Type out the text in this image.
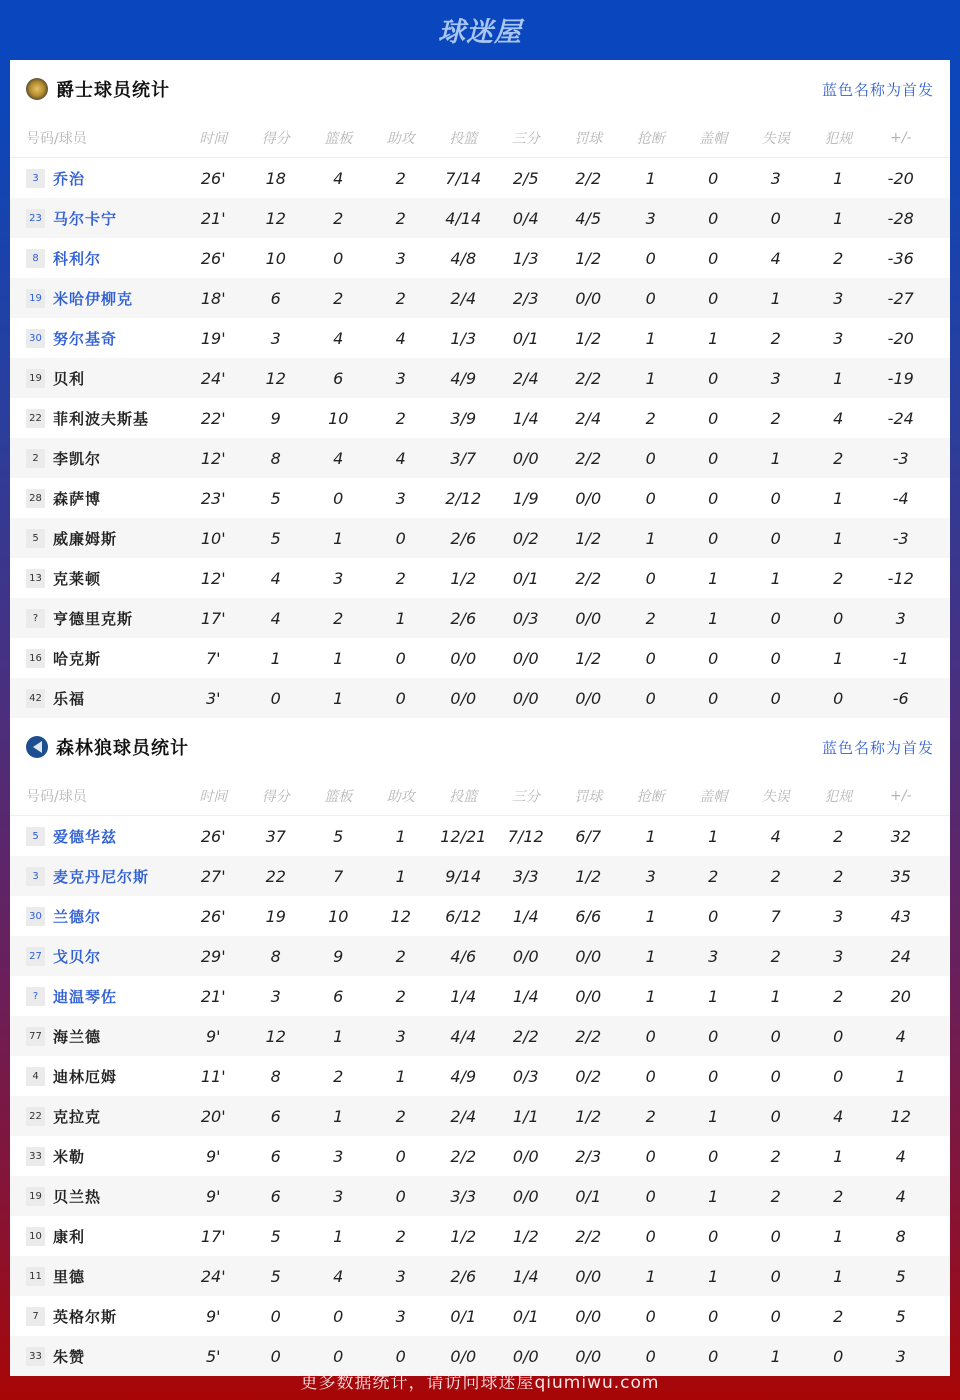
球迷屋
爵士球员统计	蓝色名称为首发
号码/球员	时间	得分	篮板	助攻	投篮	三分	罚球	抢断	盖帽	失误	犯规	+/-
3 乔治	26'	18	4	2	7/14	2/5	2/2	1	0	3	1	-20
23 马尔卡宁	21'	12	2	2	4/14	0/4	4/5	3	0	0	1	-28
8 科利尔	26'	10	0	3	4/8	1/3	1/2	0	0	4	2	-36
19 米哈伊柳克	18'	6	2	2	2/4	2/3	0/0	0	0	1	3	-27
30 努尔基奇	19'	3	4	4	1/3	0/1	1/2	1	1	2	3	-20
19 贝利	24'	12	6	3	4/9	2/4	2/2	1	0	3	1	-19
22 菲利波夫斯基	22'	9	10	2	3/9	1/4	2/4	2	0	2	4	-24
2 李凯尔	12'	8	4	4	3/7	0/0	2/2	0	0	1	2	-3
28 森萨博	23'	5	0	3	2/12	1/9	0/0	0	0	0	1	-4
5 威廉姆斯	10'	5	1	0	2/6	0/2	1/2	1	0	0	1	-3
13 克莱顿	12'	4	3	2	1/2	0/1	2/2	0	1	1	2	-12
? 亨德里克斯	17'	4	2	1	2/6	0/3	0/0	2	1	0	0	3
16 哈克斯	7'	1	1	0	0/0	0/0	1/2	0	0	0	1	-1
42 乐福	3'	0	1	0	0/0	0/0	0/0	0	0	0	0	-6
森林狼球员统计	蓝色名称为首发
号码/球员	时间	得分	篮板	助攻	投篮	三分	罚球	抢断	盖帽	失误	犯规	+/-
5 爱德华兹	26'	37	5	1	12/21	7/12	6/7	1	1	4	2	32
3 麦克丹尼尔斯	27'	22	7	1	9/14	3/3	1/2	3	2	2	2	35
30 兰德尔	26'	19	10	12	6/12	1/4	6/6	1	0	7	3	43
27 戈贝尔	29'	8	9	2	4/6	0/0	0/0	1	3	2	3	24
? 迪温琴佐	21'	3	6	2	1/4	1/4	0/0	1	1	1	2	20
77 海兰德	9'	12	1	3	4/4	2/2	2/2	0	0	0	0	4
4 迪林厄姆	11'	8	2	1	4/9	0/3	0/2	0	0	0	0	1
22 克拉克	20'	6	1	2	2/4	1/1	1/2	2	1	0	4	12
33 米勒	9'	6	3	0	2/2	0/0	2/3	0	0	2	1	4
19 贝兰热	9'	6	3	0	3/3	0/0	0/1	0	1	2	2	4
10 康利	17'	5	1	2	1/2	1/2	2/2	0	0	0	1	8
11 里德	24'	5	4	3	2/6	1/4	0/0	1	1	0	1	5
7 英格尔斯	9'	0	0	3	0/1	0/1	0/0	0	0	0	2	5
33 朱赞	5'	0	0	0	0/0	0/0	0/0	0	0	1	0	3
更多数据统计，请访问球迷屋qiumiwu.com
